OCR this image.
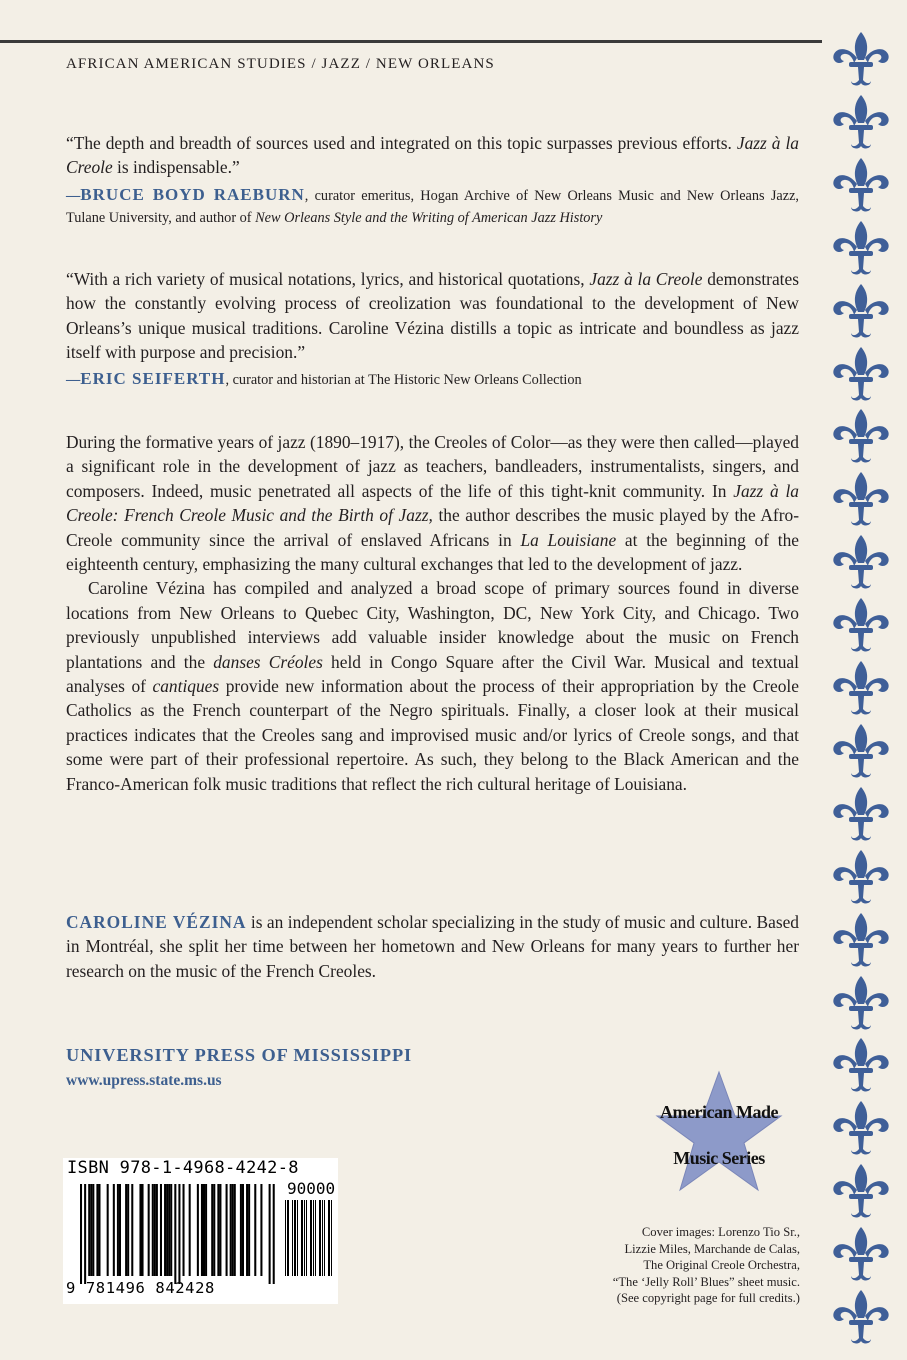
AFRICAN AMERICAN STUDIES / JAZZ / NEW ORLEANS

“The depth and breadth of sources used and integrated on this topic surpasses previous efforts. Jazz à la Creole is indispensable.”

—BRUCE BOYD RAEBURN, curator emeritus, Hogan Archive of New Orleans Music and New Orleans Jazz, Tulane University, and author of New Orleans Style and the Writing of American Jazz History

“With a rich variety of musical notations, lyrics, and historical quotations, Jazz à la Creole demonstrates how the constantly evolving process of creolization was foundational to the development of New Orleans’s unique musical traditions. Caroline Vézina distills a topic as intricate and boundless as jazz itself with purpose and precision.”

—ERIC SEIFERTH, curator and historian at The Historic New Orleans Collection

During the formative years of jazz (1890–1917), the Creoles of Color—as they were then called—played a significant role in the development of jazz as teachers, bandleaders, instrumentalists, singers, and composers. Indeed, music penetrated all aspects of the life of this tight-knit community. In Jazz à la Creole: French Creole Music and the Birth of Jazz, the author describes the music played by the Afro-Creole community since the arrival of enslaved Africans in La Louisiane at the beginning of the eighteenth century, emphasizing the many cultural exchanges that led to the development of jazz.

Caroline Vézina has compiled and analyzed a broad scope of primary sources found in diverse locations from New Orleans to Quebec City, Washington, DC, New York City, and Chicago. Two previously unpublished interviews add valuable insider knowledge about the music on French plantations and the danses Créoles held in Congo Square after the Civil War. Musical and textual analyses of cantiques provide new information about the process of their appropriation by the Creole Catholics as the French counterpart of the Negro spirituals. Finally, a closer look at their musical practices indicates that the Creoles sang and improvised music and/or lyrics of Creole songs, and that some were part of their professional repertoire. As such, they belong to the Black American and the Franco-American folk music traditions that reflect the rich cultural heritage of Louisiana.

CAROLINE VÉZINA is an independent scholar specializing in the study of music and culture. Based in Montréal, she split her time between her hometown and New Orleans for many years to further her research on the music of the French Creoles.

UNIVERSITY PRESS OF MISSISSIPPI
www.upress.state.ms.us
American Made
Music Series
ISBN 978-1-4968-4242-8
90000
9 781496 842428
Cover images: Lorenzo Tio Sr.,
Lizzie Miles, Marchande de Calas,
The Original Creole Orchestra,
“The ‘Jelly Roll’ Blues” sheet music.
(See copyright page for full credits.)
